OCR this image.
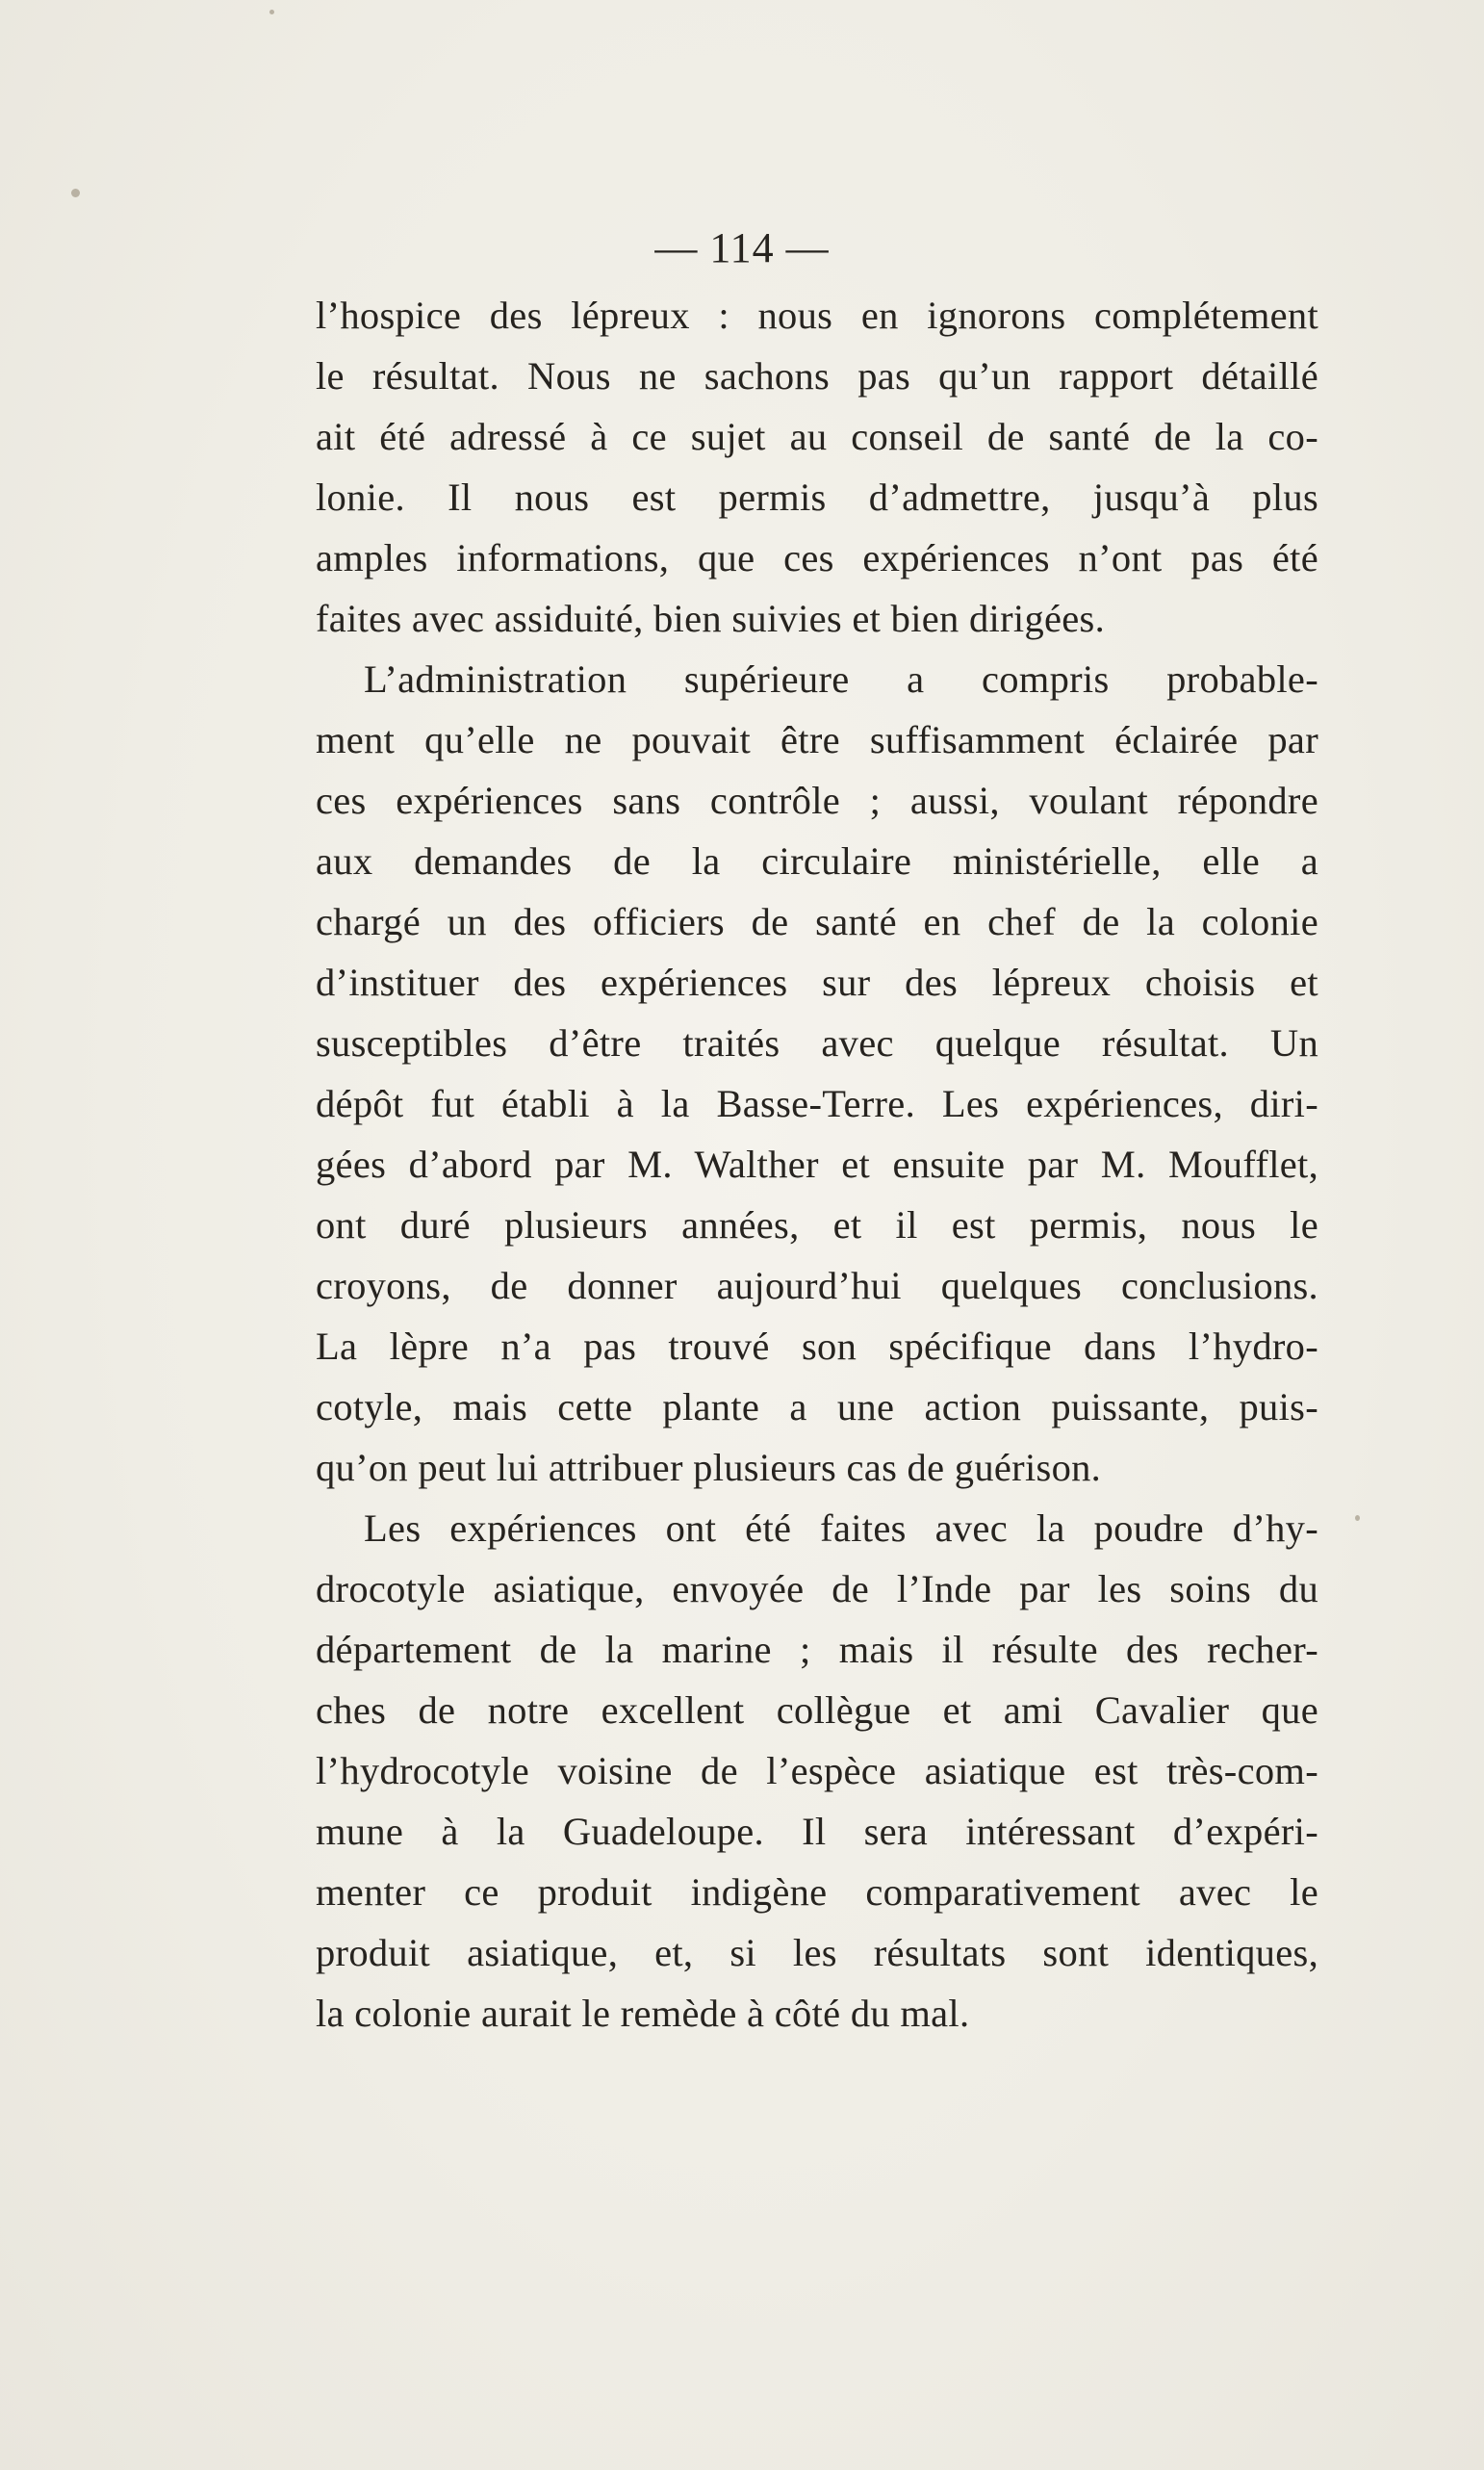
— 114 —
l’hospice des lépreux : nous en ignorons complétement
le résultat. Nous ne sachons pas qu’un rapport détaillé
ait été adressé à ce sujet au conseil de santé de la co-
lonie. Il nous est permis d’admettre, jusqu’à plus
amples informations, que ces expériences n’ont pas été
faites avec assiduité, bien suivies et bien dirigées.
L’administration supérieure a compris probable-
ment qu’elle ne pouvait être suffisamment éclairée par
ces expériences sans contrôle ; aussi, voulant répondre
aux demandes de la circulaire ministérielle, elle a
chargé un des officiers de santé en chef de la colonie
d’instituer des expériences sur des lépreux choisis et
susceptibles d’être traités avec quelque résultat. Un
dépôt fut établi à la Basse-Terre. Les expériences, diri-
gées d’abord par M. Walther et ensuite par M. Moufflet,
ont duré plusieurs années, et il est permis, nous le
croyons, de donner aujourd’hui quelques conclusions.
La lèpre n’a pas trouvé son spécifique dans l’hydro-
cotyle, mais cette plante a une action puissante, puis-
qu’on peut lui attribuer plusieurs cas de guérison.
Les expériences ont été faites avec la poudre d’hy-
drocotyle asiatique, envoyée de l’Inde par les soins du
département de la marine ; mais il résulte des recher-
ches de notre excellent collègue et ami Cavalier que
l’hydrocotyle voisine de l’espèce asiatique est très-com-
mune à la Guadeloupe. Il sera intéressant d’expéri-
menter ce produit indigène comparativement avec le
produit asiatique, et, si les résultats sont identiques,
la colonie aurait le remède à côté du mal.
